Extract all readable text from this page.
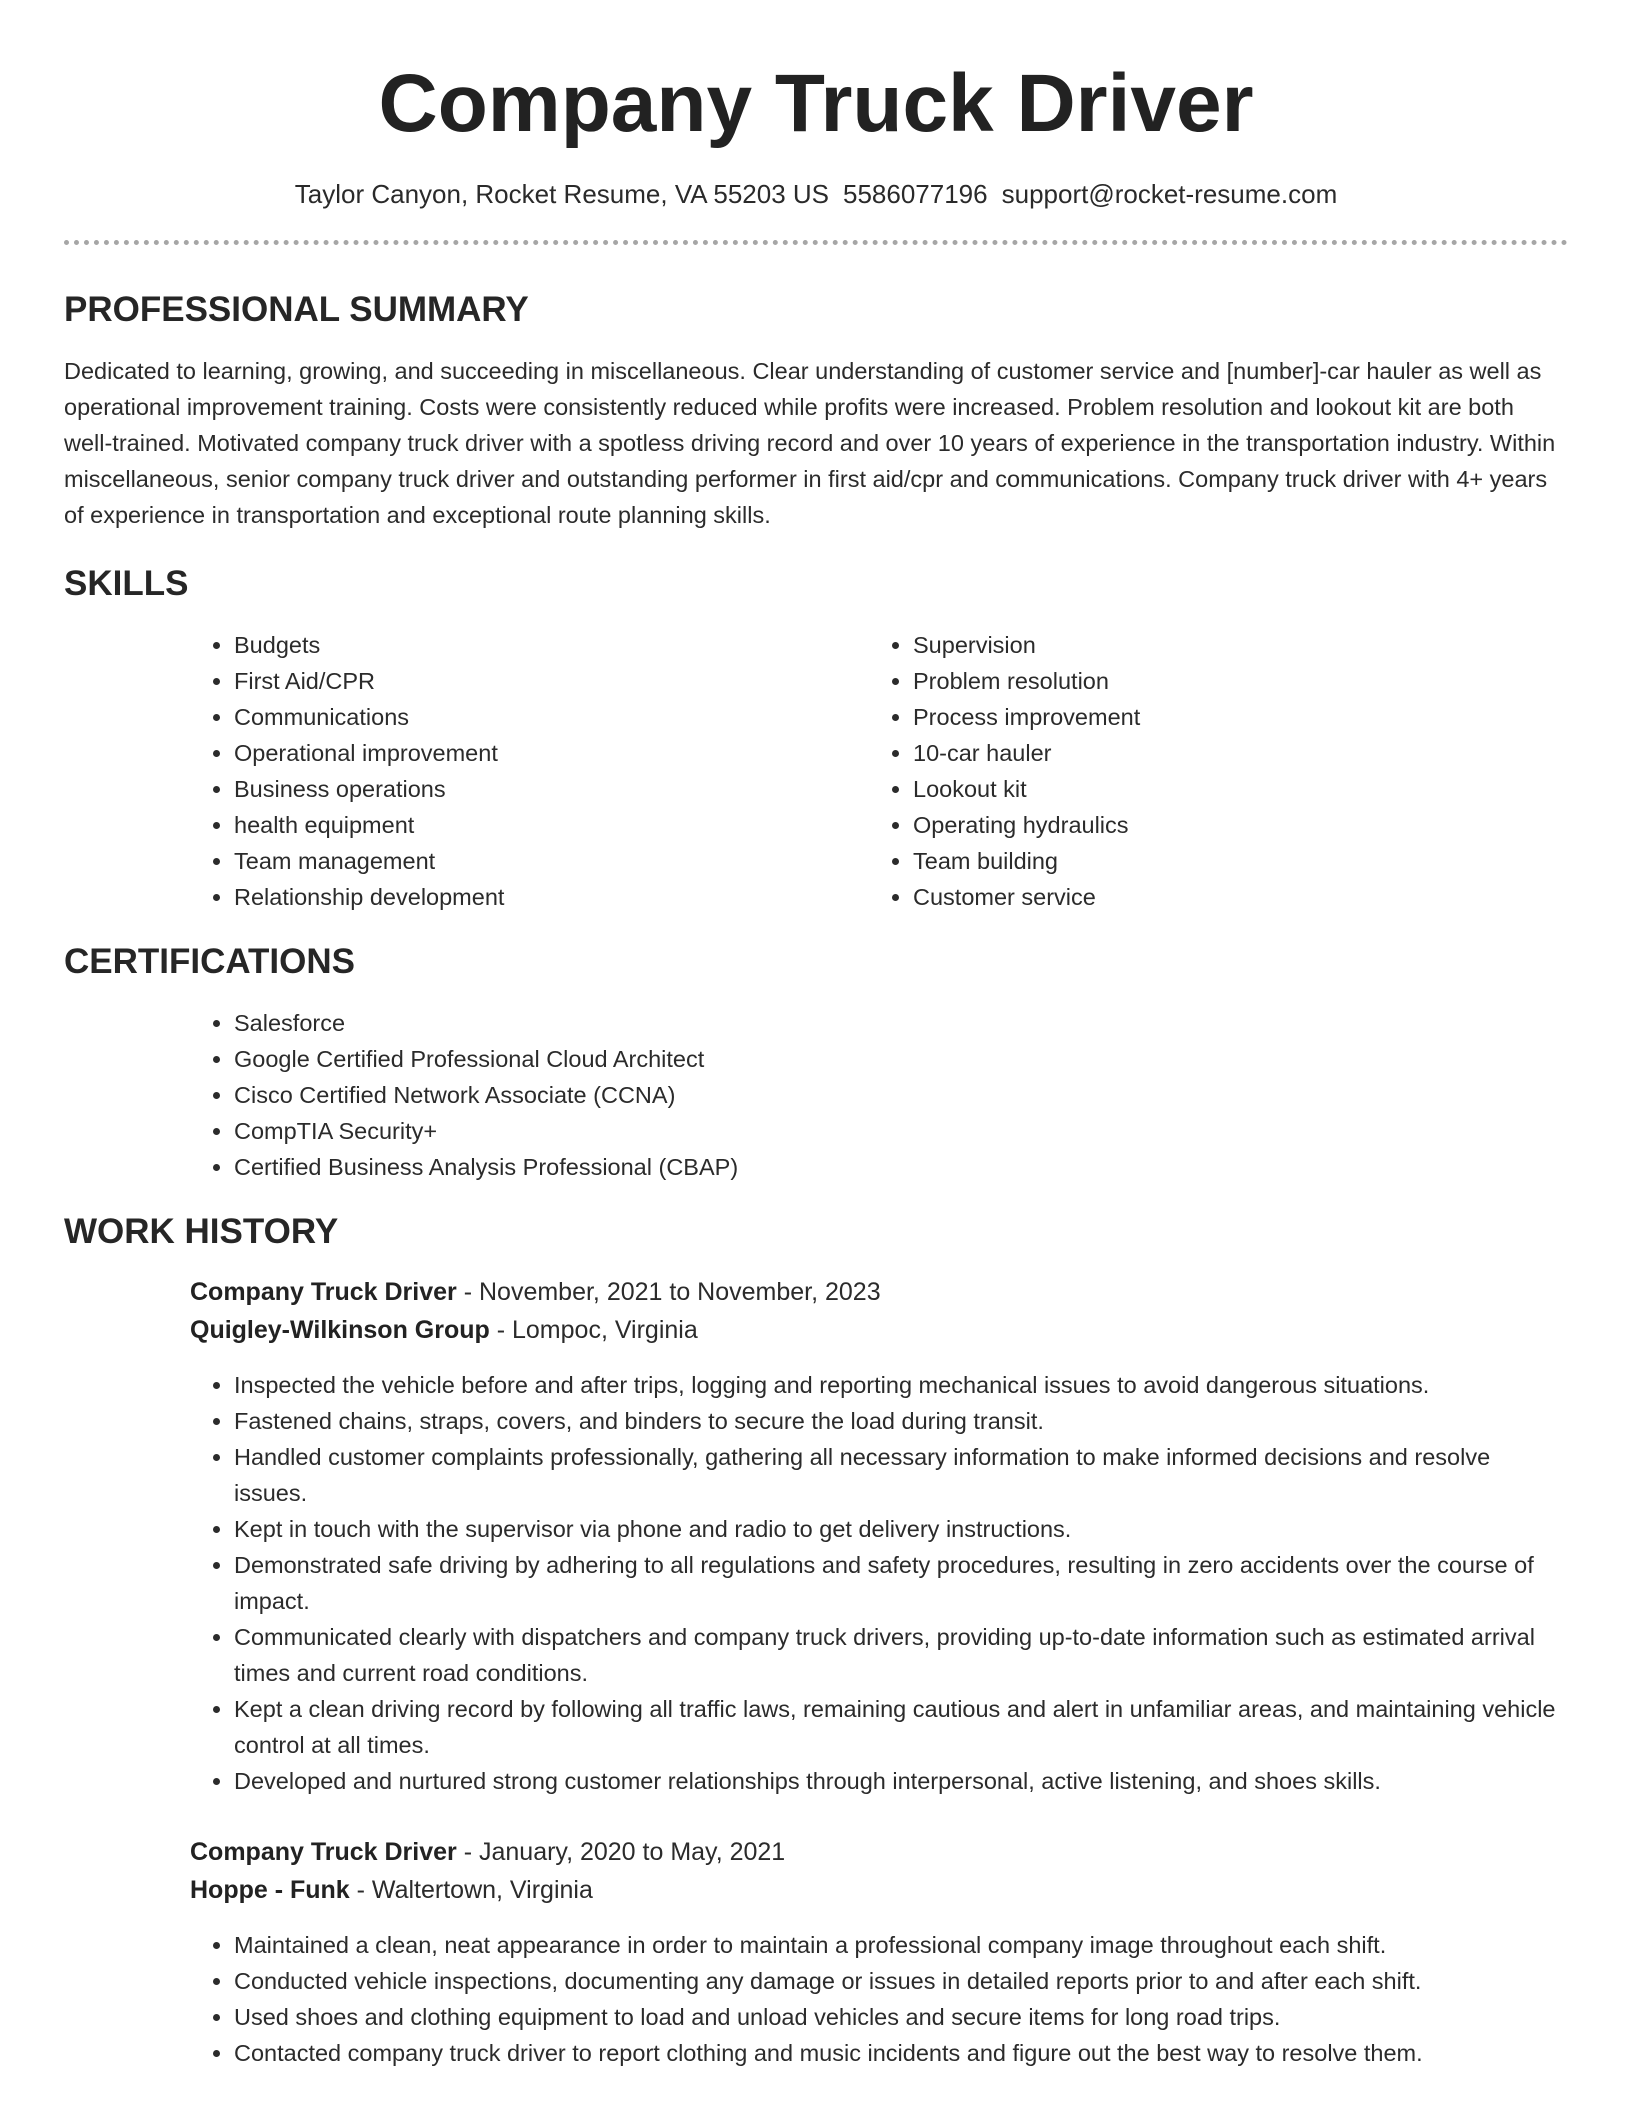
Company Truck Driver
Taylor Canyon, Rocket Resume, VA 55203 US 5586077196 support@rocket-resume.com
PROFESSIONAL SUMMARY

Dedicated to learning, growing, and succeeding in miscellaneous. Clear understanding of customer service and [number]-car hauler as well as operational improvement training. Costs were consistently reduced while profits were increased. Problem resolution and lookout kit are both well-trained. Motivated company truck driver with a spotless driving record and over 10 years of experience in the transportation industry. Within miscellaneous, senior company truck driver and outstanding performer in first aid/cpr and communications. Company truck driver with 4+ years of experience in transportation and exceptional route planning skills.

SKILLS
• Budgets
• First Aid/CPR
• Communications
• Operational improvement
• Business operations
• health equipment
• Team management
• Relationship development
• Supervision
• Problem resolution
• Process improvement
• 10-car hauler
• Lookout kit
• Operating hydraulics
• Team building
• Customer service
CERTIFICATIONS
• Salesforce
• Google Certified Professional Cloud Architect
• Cisco Certified Network Associate (CCNA)
• CompTIA Security+
• Certified Business Analysis Professional (CBAP)
WORK HISTORY
Company Truck Driver - November, 2021 to November, 2023
Quigley-Wilkinson Group - Lompoc, Virginia
• Inspected the vehicle before and after trips, logging and reporting mechanical issues to avoid dangerous situations.
• Fastened chains, straps, covers, and binders to secure the load during transit.
• Handled customer complaints professionally, gathering all necessary information to make informed decisions and resolve issues.
• Kept in touch with the supervisor via phone and radio to get delivery instructions.
• Demonstrated safe driving by adhering to all regulations and safety procedures, resulting in zero accidents over the course of impact.
• Communicated clearly with dispatchers and company truck drivers, providing up-to-date information such as estimated arrival times and current road conditions.
• Kept a clean driving record by following all traffic laws, remaining cautious and alert in unfamiliar areas, and maintaining vehicle control at all times.
• Developed and nurtured strong customer relationships through interpersonal, active listening, and shoes skills.
Company Truck Driver - January, 2020 to May, 2021
Hoppe - Funk - Waltertown, Virginia
• Maintained a clean, neat appearance in order to maintain a professional company image throughout each shift.
• Conducted vehicle inspections, documenting any damage or issues in detailed reports prior to and after each shift.
• Used shoes and clothing equipment to load and unload vehicles and secure items for long road trips.
• Contacted company truck driver to report clothing and music incidents and figure out the best way to resolve them.
